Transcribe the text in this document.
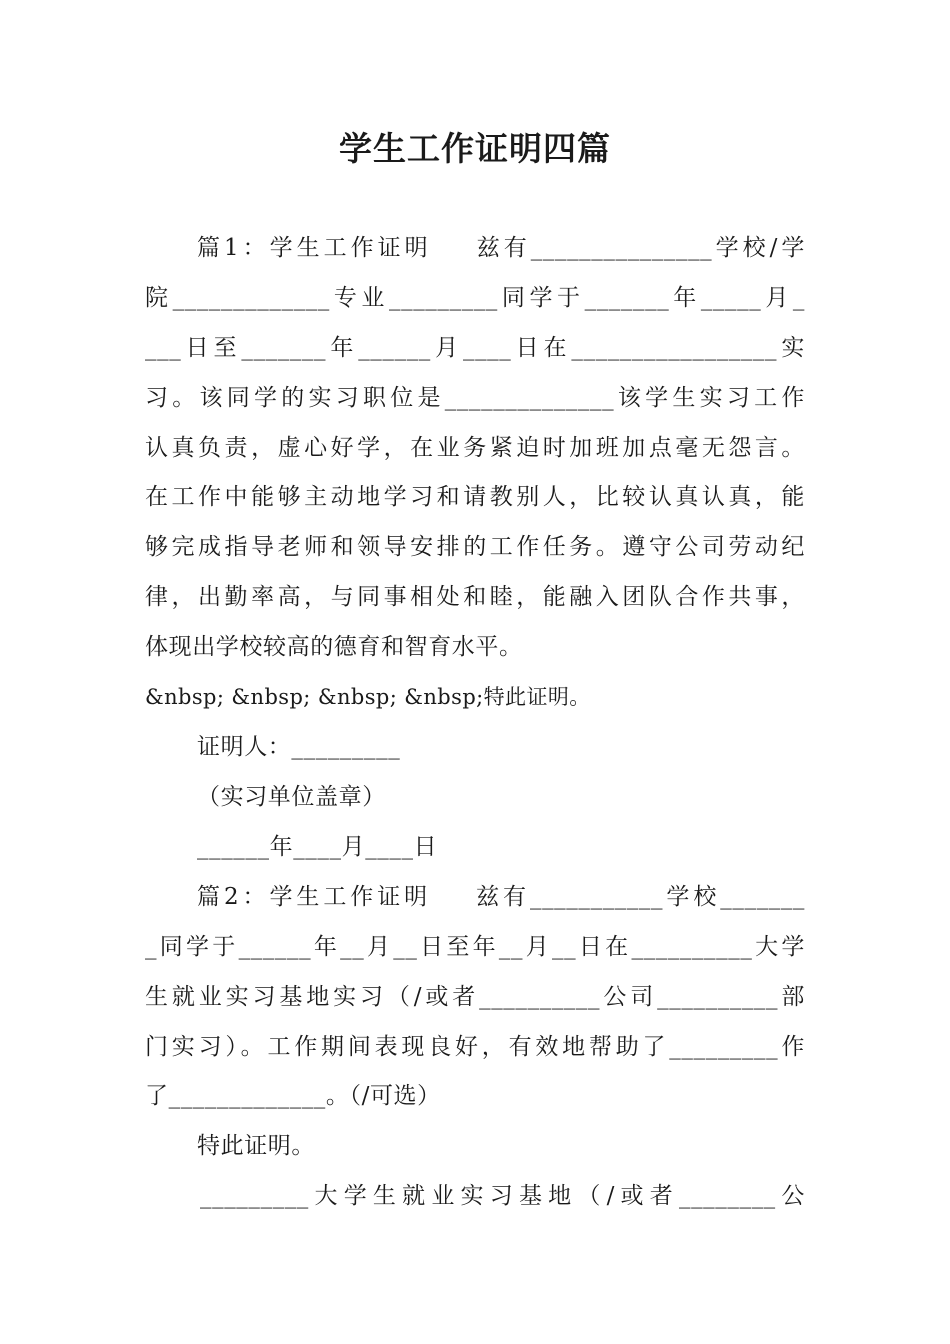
学生工作证明四篇
篇1：学生工作证明    兹有_______________学校/学
院_____________专业_________同学于_______年_____月_
___日至_______年______月____日在_________________实
习。该同学的实习职位是______________该学生实习工作
认真负责，虚心好学，在业务紧迫时加班加点毫无怨言。
在工作中能够主动地学习和请教别人，比较认真认真，能
够完成指导老师和领导安排的工作任务。遵守公司劳动纪
律，出勤率高，与同事相处和睦，能融入团队合作共事，
体现出学校较高的德育和智育水平。
&nbsp; &nbsp; &nbsp; &nbsp;特此证明。
证明人：_________
（实习单位盖章）
______年____月____日
篇2：学生工作证明    兹有___________学校_______
_同学于______年__月__日至年__月__日在__________大学
生就业实习基地实习（/或者__________公司__________部
门实习）。工作期间表现良好，有效地帮助了_________作
了_____________。（/可选）
特此证明。
_________大学生就业实习基地（/或者________公
